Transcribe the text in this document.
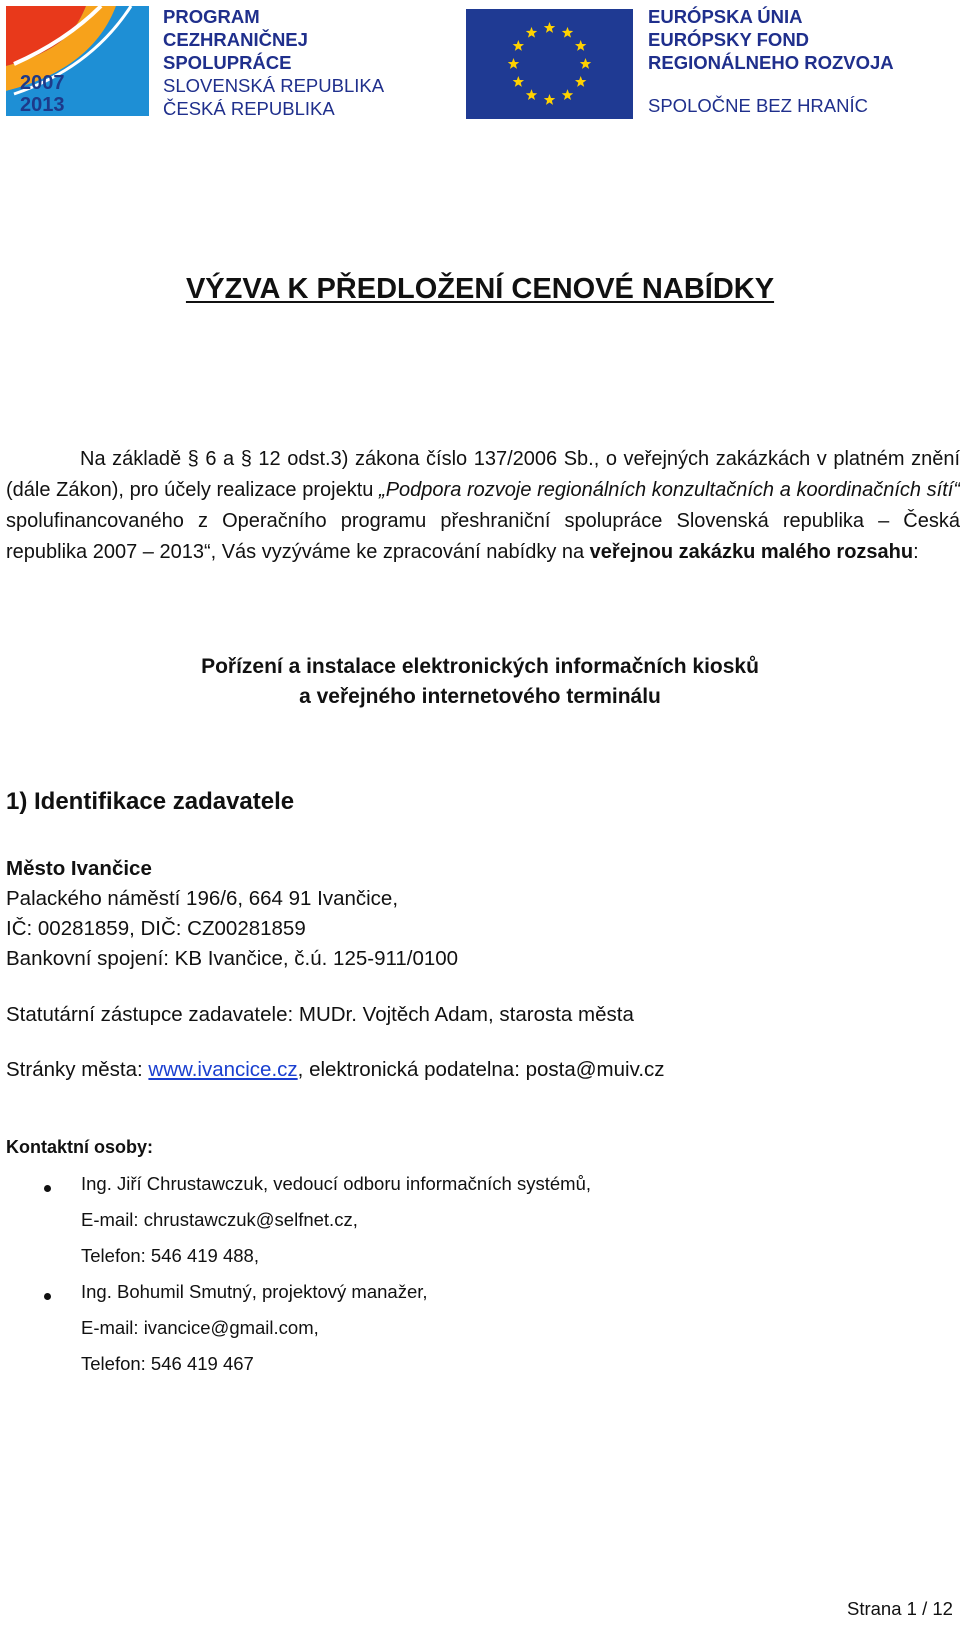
2007
2013
PROGRAM
CEZHRANIČNEJ
SPOLUPRÁCE
SLOVENSKÁ REPUBLIKA
ČESKÁ REPUBLIKA
EURÓPSKA ÚNIA
EURÓPSKY FOND
REGIONÁLNEHO ROZVOJA
SPOLOČNE BEZ HRANÍC
VÝZVA K PŘEDLOŽENÍ CENOVÉ NABÍDKY

Na základě § 6 a § 12 odst.3) zákona číslo 137/2006 Sb., o veřejných zakázkách v platném znění (dále Zákon), pro účely realizace projektu „Podpora rozvoje regionálních konzultačních a koordinačních sítí“ spolufinancovaného z Operačního programu přeshraniční spolupráce Slovenská republika – Česká republika 2007 – 2013“, Vás vyzýváme ke zpracování nabídky na veřejnou zakázku malého rozsahu:

Pořízení a instalace elektronických informačních kiosků
a veřejného internetového terminálu
1) Identifikace zadavatele
Město Ivančice
Palackého náměstí 196/6, 664 91 Ivančice,
IČ: 00281859, DIČ: CZ00281859
Bankovní spojení: KB Ivančice, č.ú. 125-911/0100
Statutární zástupce zadavatele: MUDr. Vojtěch Adam, starosta města
Stránky města: www.ivancice.cz, elektronická podatelna: posta@muiv.cz
Kontaktní osoby:
Ing. Jiří Chrustawczuk, vedoucí odboru informačních systémů,
E-mail: chrustawczuk@selfnet.cz,
Telefon: 546 419 488,
Ing. Bohumil Smutný, projektový manažer,
E-mail: ivancice@gmail.com,
Telefon: 546 419 467
Strana 1 / 12
